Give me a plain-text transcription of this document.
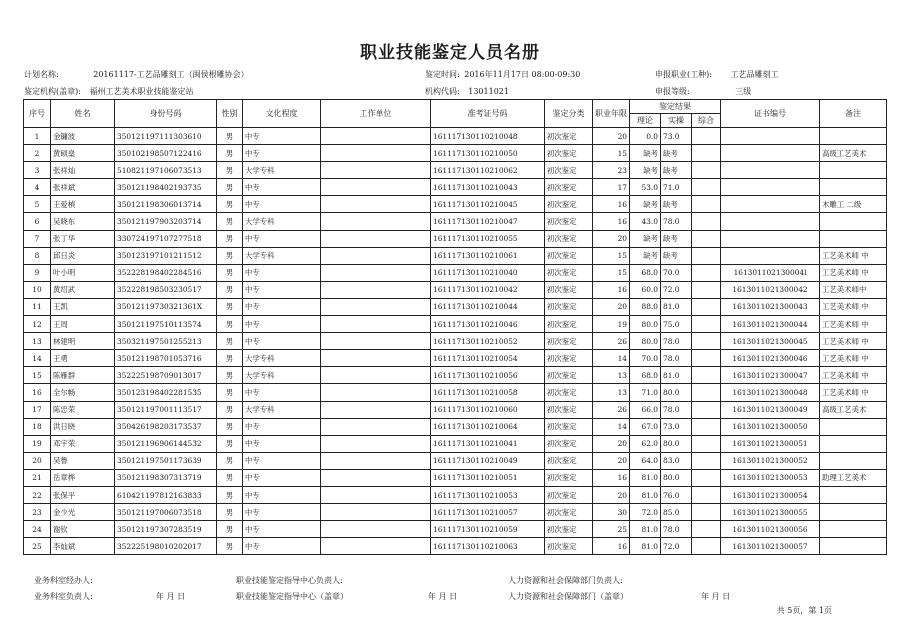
职业技能鉴定人员名册
计划名称:	20161117-工艺品雕刻工（闽侯根雕协会）
鉴定机构(盖章): 福州工艺美术职业技能鉴定站
鉴定时间: 2016年11月17日 08:00-09:30
机构代码: 13011021
申报职业(工种): 工艺品雕刻工
申报等级:	三级
序号	姓名	身份号码	性别	文化程度	工作单位	准考证号码	鉴定分类	职业年限	鉴定结果			证书编号	备注
									理论	实操	综合		
1	金镛波	350121197111303610	男	中专		161117130110210048	初次鉴定	20	0.0	73.0			
2	黄硕燊	350102198507122416	男	中专		161117130110210050	初次鉴定	15	缺考	缺考			高级工艺美术
3	张祥灿	510821197106073513	男	大学专科		161117130110210062	初次鉴定	23	缺考	缺考			
4	张祥斌	350121198402193735	男	中专		161117130110210043	初次鉴定	17	53.0	71.0			
5	王爱楨	350121198306013714	男	中专		161117130110210045	初次鉴定	16	缺考	缺考			木雕工 二级
6	吴晓东	350121197903203714	男	大学专科		161117130110210047	初次鉴定	16	43.0	78.0			
7	张丁华	330724197107277518	男	中专		161117130110210055	初次鉴定	20	缺考	缺考			
8	邱日炎	350123197101211512	男	大学专科		161117130110210061	初次鉴定	15	缺考	缺考			工艺美术师 中
9	叶小明	352228198402284516	男	中专		161117130110210040	初次鉴定	15	68.0	70.0		161301102130004l	工艺美术师 中
10	黄绍武	352228198503230517	男	中专		161117130110210042	初次鉴定	16	60.0	72.0		1613011021300042	工艺美术师中
11	王凯	35012119730321361X	男	中专		161117130110210044	初次鉴定	20	88.0	81.0		1613011021300043	工艺美术师 中
12	王周	350121197510113574	男	中专		161117130110210046	初次鉴定	19	80.0	75.0		1613011021300044	工艺美术师 中
13	林建明	350321197501255213	男	中专		161117130110210052	初次鉴定	26	80.0	78.0		1613011021300045	工艺美术师 中
14	王勇	350121198701053716	男	大学专科		161117130110210054	初次鉴定	14	70.0	78.0		1613011021300046	工艺美术师 中
15	陈雁群	352225198709013017	男	大学专科		161117130110210056	初次鉴定	13	68.0	81.0		1613011021300047	工艺美术师 中
16	全尔畅	350123198402281535	男	中专		161117130110210058	初次鉴定	13	71.0	80.0		1613011021300048	工艺美术师 中
17	陈忠荣	350121197001113517	男	大学专科		161117130110210060	初次鉴定	26	66.0	78.0		1613011021300049	高级工艺美术
18	洪日晓	350426198203173537	男	中专		161117130110210064	初次鉴定	14	67.0	73.0		1613011021300050	
19	邓宇荣	350121196906144532	男	中专		161117130110210041	初次鉴定	20	62.0	80.0		1613011021300051	
20	吴鲁	350121197501173639	男	中专		161117130110210049	初次鉴定	20	64.0	83.0		1613011021300052	
21	岳章桦	350121198307313719	男	中专		161117130110210051	初次鉴定	16	81.0	80.0		1613011021300053	助理工艺美术
22	张保平	610421197812163833	男	中专		161117130110210053	初次鉴定	20	81.0	76.0		1613011021300054	
23	金少光	350121197006073518	男	中专		161117130110210057	初次鉴定	30	72.0	85.0		1613011021300055	
24	谢钦	350121197307283519	男	中专		161117130110210059	初次鉴定	25	81.0	78.0		1613011021300056	
25	李灿斌	352225198010202017	男	中专		161117130110210063	初次鉴定	16	81.0	72.0		1613011021300057	
业务科室经办人:	职业技能鉴定指导中心负责人:	人力资源和社会保障部门负责人:
业务科室负责人:	年 月 日	职业技能鉴定指导中心（盖章）	年 月 日	人力资源和社会保障部门（盖章）	年 月 日
共 5页，第 1页
